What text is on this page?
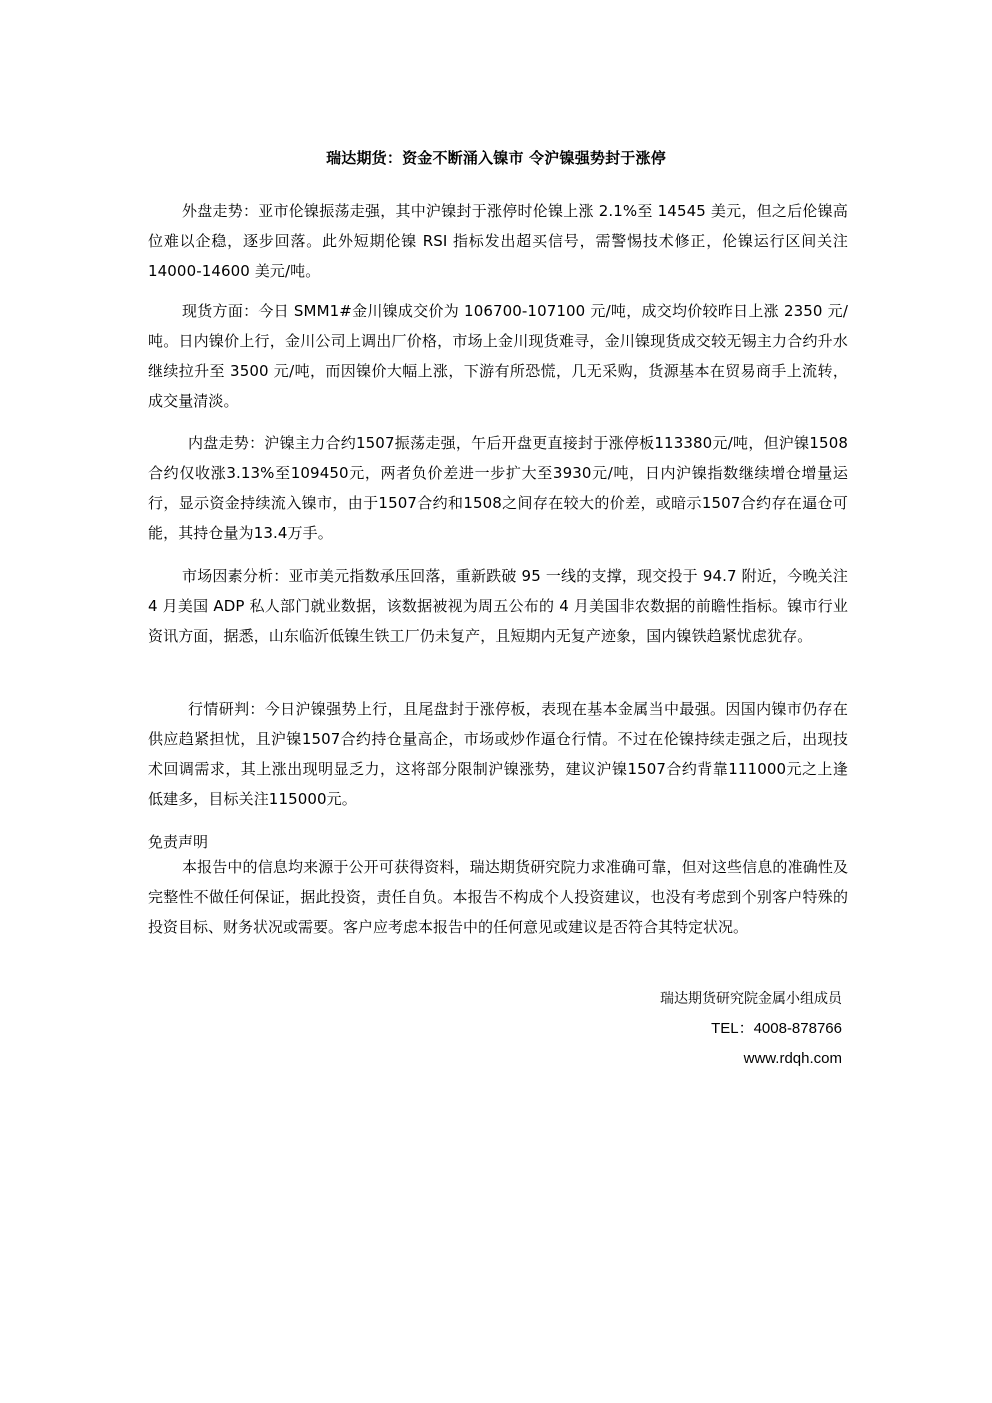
瑞达期货：资金不断涌入镍市 令沪镍强势封于涨停
外盘走势：亚市伦镍振荡走强，其中沪镍封于涨停时伦镍上涨 2.1%至 14545 美元，但之后伦镍高位难以企稳，逐步回落。此外短期伦镍 RSI 指标发出超买信号，需警惕技术修正，伦镍运行区间关注 14000-14600 美元/吨。
现货方面：今日 SMM1#金川镍成交价为 106700-107100 元/吨，成交均价较昨日上涨 2350 元/吨。日内镍价上行，金川公司上调出厂价格，市场上金川现货难寻，金川镍现货成交较无锡主力合约升水继续拉升至 3500 元/吨，而因镍价大幅上涨，下游有所恐慌，几无采购，货源基本在贸易商手上流转，成交量清淡。
内盘走势：沪镍主力合约1507振荡走强，午后开盘更直接封于涨停板113380元/吨，但沪镍1508合约仅收涨3.13%至109450元，两者负价差进一步扩大至3930元/吨，日内沪镍指数继续增仓增量运行，显示资金持续流入镍市，由于1507合约和1508之间存在较大的价差，或暗示1507合约存在逼仓可能，其持仓量为13.4万手。
市场因素分析：亚市美元指数承压回落，重新跌破 95 一线的支撑，现交投于 94.7 附近，今晚关注 4 月美国 ADP 私人部门就业数据，该数据被视为周五公布的 4 月美国非农数据的前瞻性指标。镍市行业资讯方面，据悉，山东临沂低镍生铁工厂仍未复产，且短期内无复产迹象，国内镍铁趋紧忧虑犹存。
行情研判：今日沪镍强势上行，且尾盘封于涨停板，表现在基本金属当中最强。因国内镍市仍存在供应趋紧担忧，且沪镍1507合约持仓量高企，市场或炒作逼仓行情。不过在伦镍持续走强之后，出现技术回调需求，其上涨出现明显乏力，这将部分限制沪镍涨势，建议沪镍1507合约背靠111000元之上逢低建多，目标关注115000元。
免责声明
本报告中的信息均来源于公开可获得资料，瑞达期货研究院力求准确可靠，但对这些信息的准确性及完整性不做任何保证，据此投资，责任自负。本报告不构成个人投资建议，也没有考虑到个别客户特殊的投资目标、财务状况或需要。客户应考虑本报告中的任何意见或建议是否符合其特定状况。
瑞达期货研究院金属小组成员
TEL：4008-878766
www.rdqh.com
